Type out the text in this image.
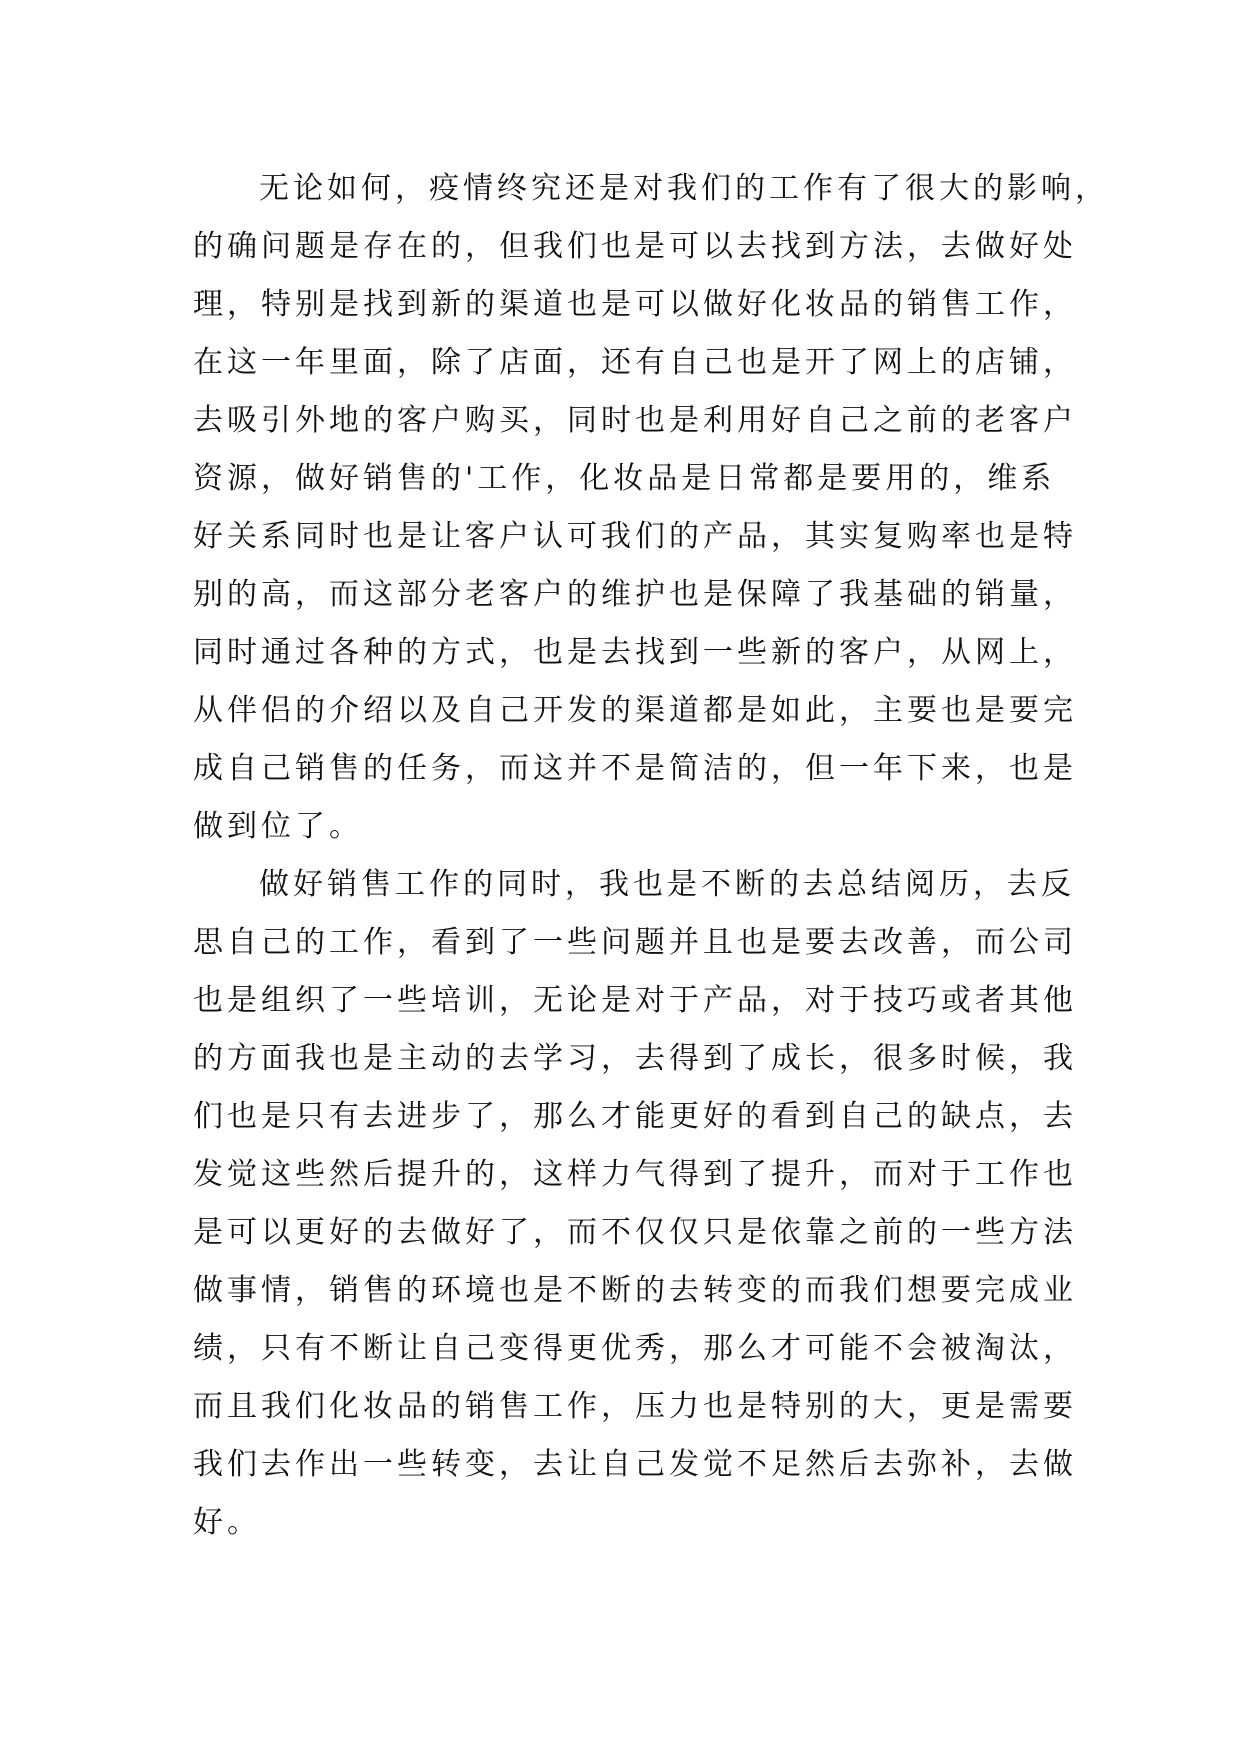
无论如何，疫情终究还是对我们的工作有了很大的影响，
的确问题是存在的，但我们也是可以去找到方法，去做好处
理，特别是找到新的渠道也是可以做好化妆品的销售工作，
在这一年里面，除了店面，还有自己也是开了网上的店铺，
去吸引外地的客户购买，同时也是利用好自己之前的老客户
资源，做好销售的'工作，化妆品是日常都是要用的，维系
好关系同时也是让客户认可我们的产品，其实复购率也是特
别的高，而这部分老客户的维护也是保障了我基础的销量，
同时通过各种的方式，也是去找到一些新的客户，从网上，
从伴侣的介绍以及自己开发的渠道都是如此，主要也是要完
成自己销售的任务，而这并不是简洁的，但一年下来，也是
做到位了。
做好销售工作的同时，我也是不断的去总结阅历，去反
思自己的工作，看到了一些问题并且也是要去改善，而公司
也是组织了一些培训，无论是对于产品，对于技巧或者其他
的方面我也是主动的去学习，去得到了成长，很多时候，我
们也是只有去进步了，那么才能更好的看到自己的缺点，去
发觉这些然后提升的，这样力气得到了提升，而对于工作也
是可以更好的去做好了，而不仅仅只是依靠之前的一些方法
做事情，销售的环境也是不断的去转变的而我们想要完成业
绩，只有不断让自己变得更优秀，那么才可能不会被淘汰，
而且我们化妆品的销售工作，压力也是特别的大，更是需要
我们去作出一些转变，去让自己发觉不足然后去弥补，去做
好。
